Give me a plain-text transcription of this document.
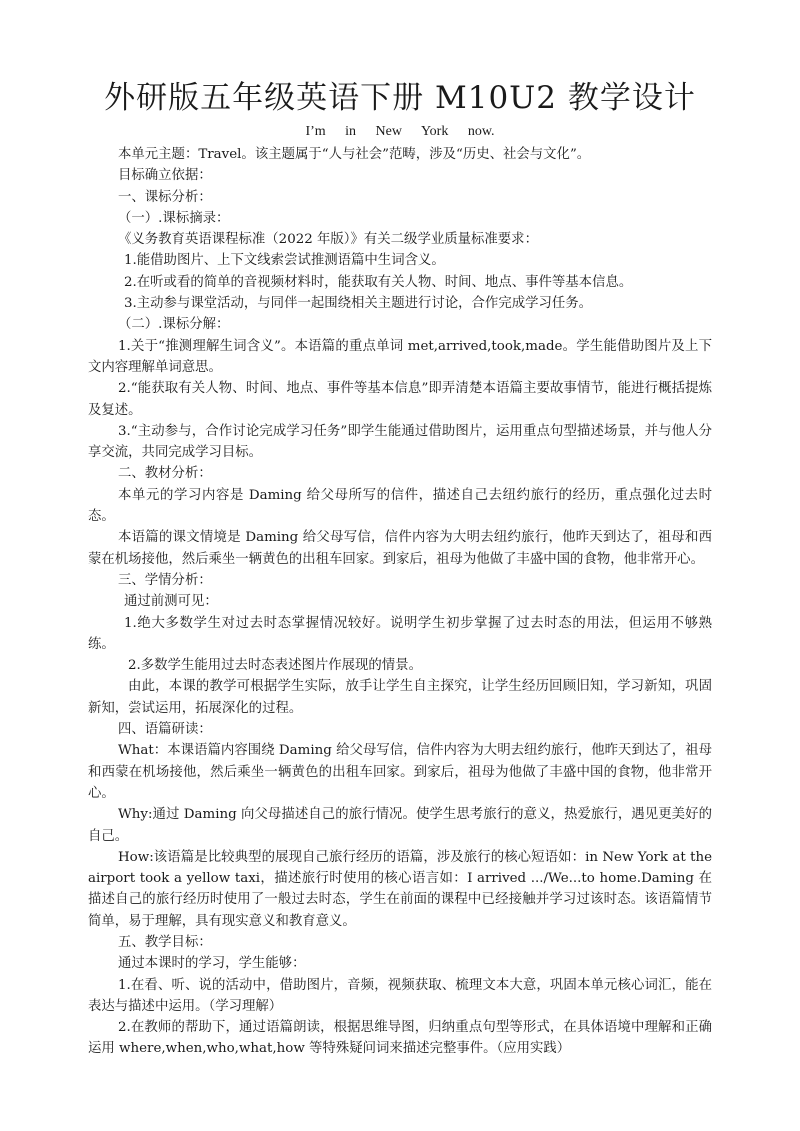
外研版五年级英语下册 M10U2 教学设计
I’m in New York now.

本单元主题：Travel。该主题属于“人与社会”范畴，涉及“历史、社会与文化”。

目标确立依据：

一、课标分析：

（一）.课标摘录：

《义务教育英语课程标准（2022 年版）》有关二级学业质量标准要求：

1.能借助图片、上下文线索尝试推测语篇中生词含义。

2.在听或看的简单的音视频材料时，能获取有关人物、时间、地点、事件等基本信息。

3.主动参与课堂活动，与同伴一起围绕相关主题进行讨论，合作完成学习任务。

（二）.课标分解：

1.关于“推测理解生词含义”。本语篇的重点单词 met,arrived,took,made。学生能借助图片及上下文内容理解单词意思。

2.“能获取有关人物、时间、地点、事件等基本信息”即弄清楚本语篇主要故事情节，能进行概括提炼及复述。

3.“主动参与，合作讨论完成学习任务”即学生能通过借助图片，运用重点句型描述场景，并与他人分享交流，共同完成学习目标。

二、教材分析：

本单元的学习内容是 Daming 给父母所写的信件，描述自己去纽约旅行的经历，重点强化过去时态。

本语篇的课文情境是 Daming 给父母写信，信件内容为大明去纽约旅行，他昨天到达了，祖母和西蒙在机场接他，然后乘坐一辆黄色的出租车回家。到家后，祖母为他做了丰盛中国的食物，他非常开心。

三、学情分析：

通过前测可见：

1.绝大多数学生对过去时态掌握情况较好。说明学生初步掌握了过去时态的用法，但运用不够熟练。

2.多数学生能用过去时态表述图片作展现的情景。

由此，本课的教学可根据学生实际，放手让学生自主探究，让学生经历回顾旧知，学习新知，巩固新知，尝试运用，拓展深化的过程。

四、语篇研读：

What：本课语篇内容围绕 Daming 给父母写信，信件内容为大明去纽约旅行，他昨天到达了，祖母和西蒙在机场接他，然后乘坐一辆黄色的出租车回家。到家后，祖母为他做了丰盛中国的食物，他非常开心。

Why:通过 Daming 向父母描述自己的旅行情况。使学生思考旅行的意义，热爱旅行，遇见更美好的自己。

How:该语篇是比较典型的展现自己旅行经历的语篇，涉及旅行的核心短语如：in New York at the airport took a yellow taxi，描述旅行时使用的核心语言如：I arrived .../We...to home.Daming 在描述自己的旅行经历时使用了一般过去时态，学生在前面的课程中已经接触并学习过该时态。该语篇情节简单，易于理解，具有现实意义和教育意义。

五、教学目标：

通过本课时的学习，学生能够：

1.在看、听、说的活动中，借助图片，音频，视频获取、梳理文本大意，巩固本单元核心词汇，能在表达与描述中运用。（学习理解）

2.在教师的帮助下，通过语篇朗读，根据思维导图，归纳重点句型等形式，在具体语境中理解和正确运用 where,when,who,what,how 等特殊疑问词来描述完整事件。（应用实践）
